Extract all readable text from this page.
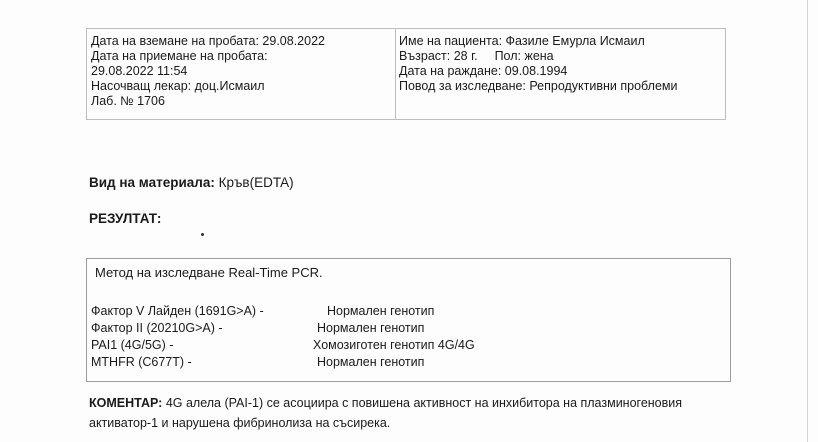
Дата на вземане на пробата: 29.08.2022
Дата на приемане на пробата:
29.08.2022 11:54
Насочващ лекар: доц.Исмаил
Лаб. № 1706
Име на пациента: Фазиле Емурла Исмаил
Възраст: 28 г. Пол: жена
Дата на раждане: 09.08.1994
Повод за изследване: Репродуктивни проблеми
Вид на материала: Кръв(EDTA)
РЕЗУЛТАТ:
Метод на изследване Real-Time PCR.
Фактор V Лайден (1691G>A) -	Нормален генотип
Фактор II (20210G>A) -	Нормален генотип
PAI1 (4G/5G) -	Хомозиготен генотип 4G/4G
MTHFR (C677T) -	Нормален генотип
КОМЕНТАР: 4G алела (PAI-1) се асоциира с повишена активност на инхибитора на плазминогеновия активатор-1 и нарушена фибринолиза на съсирека.
